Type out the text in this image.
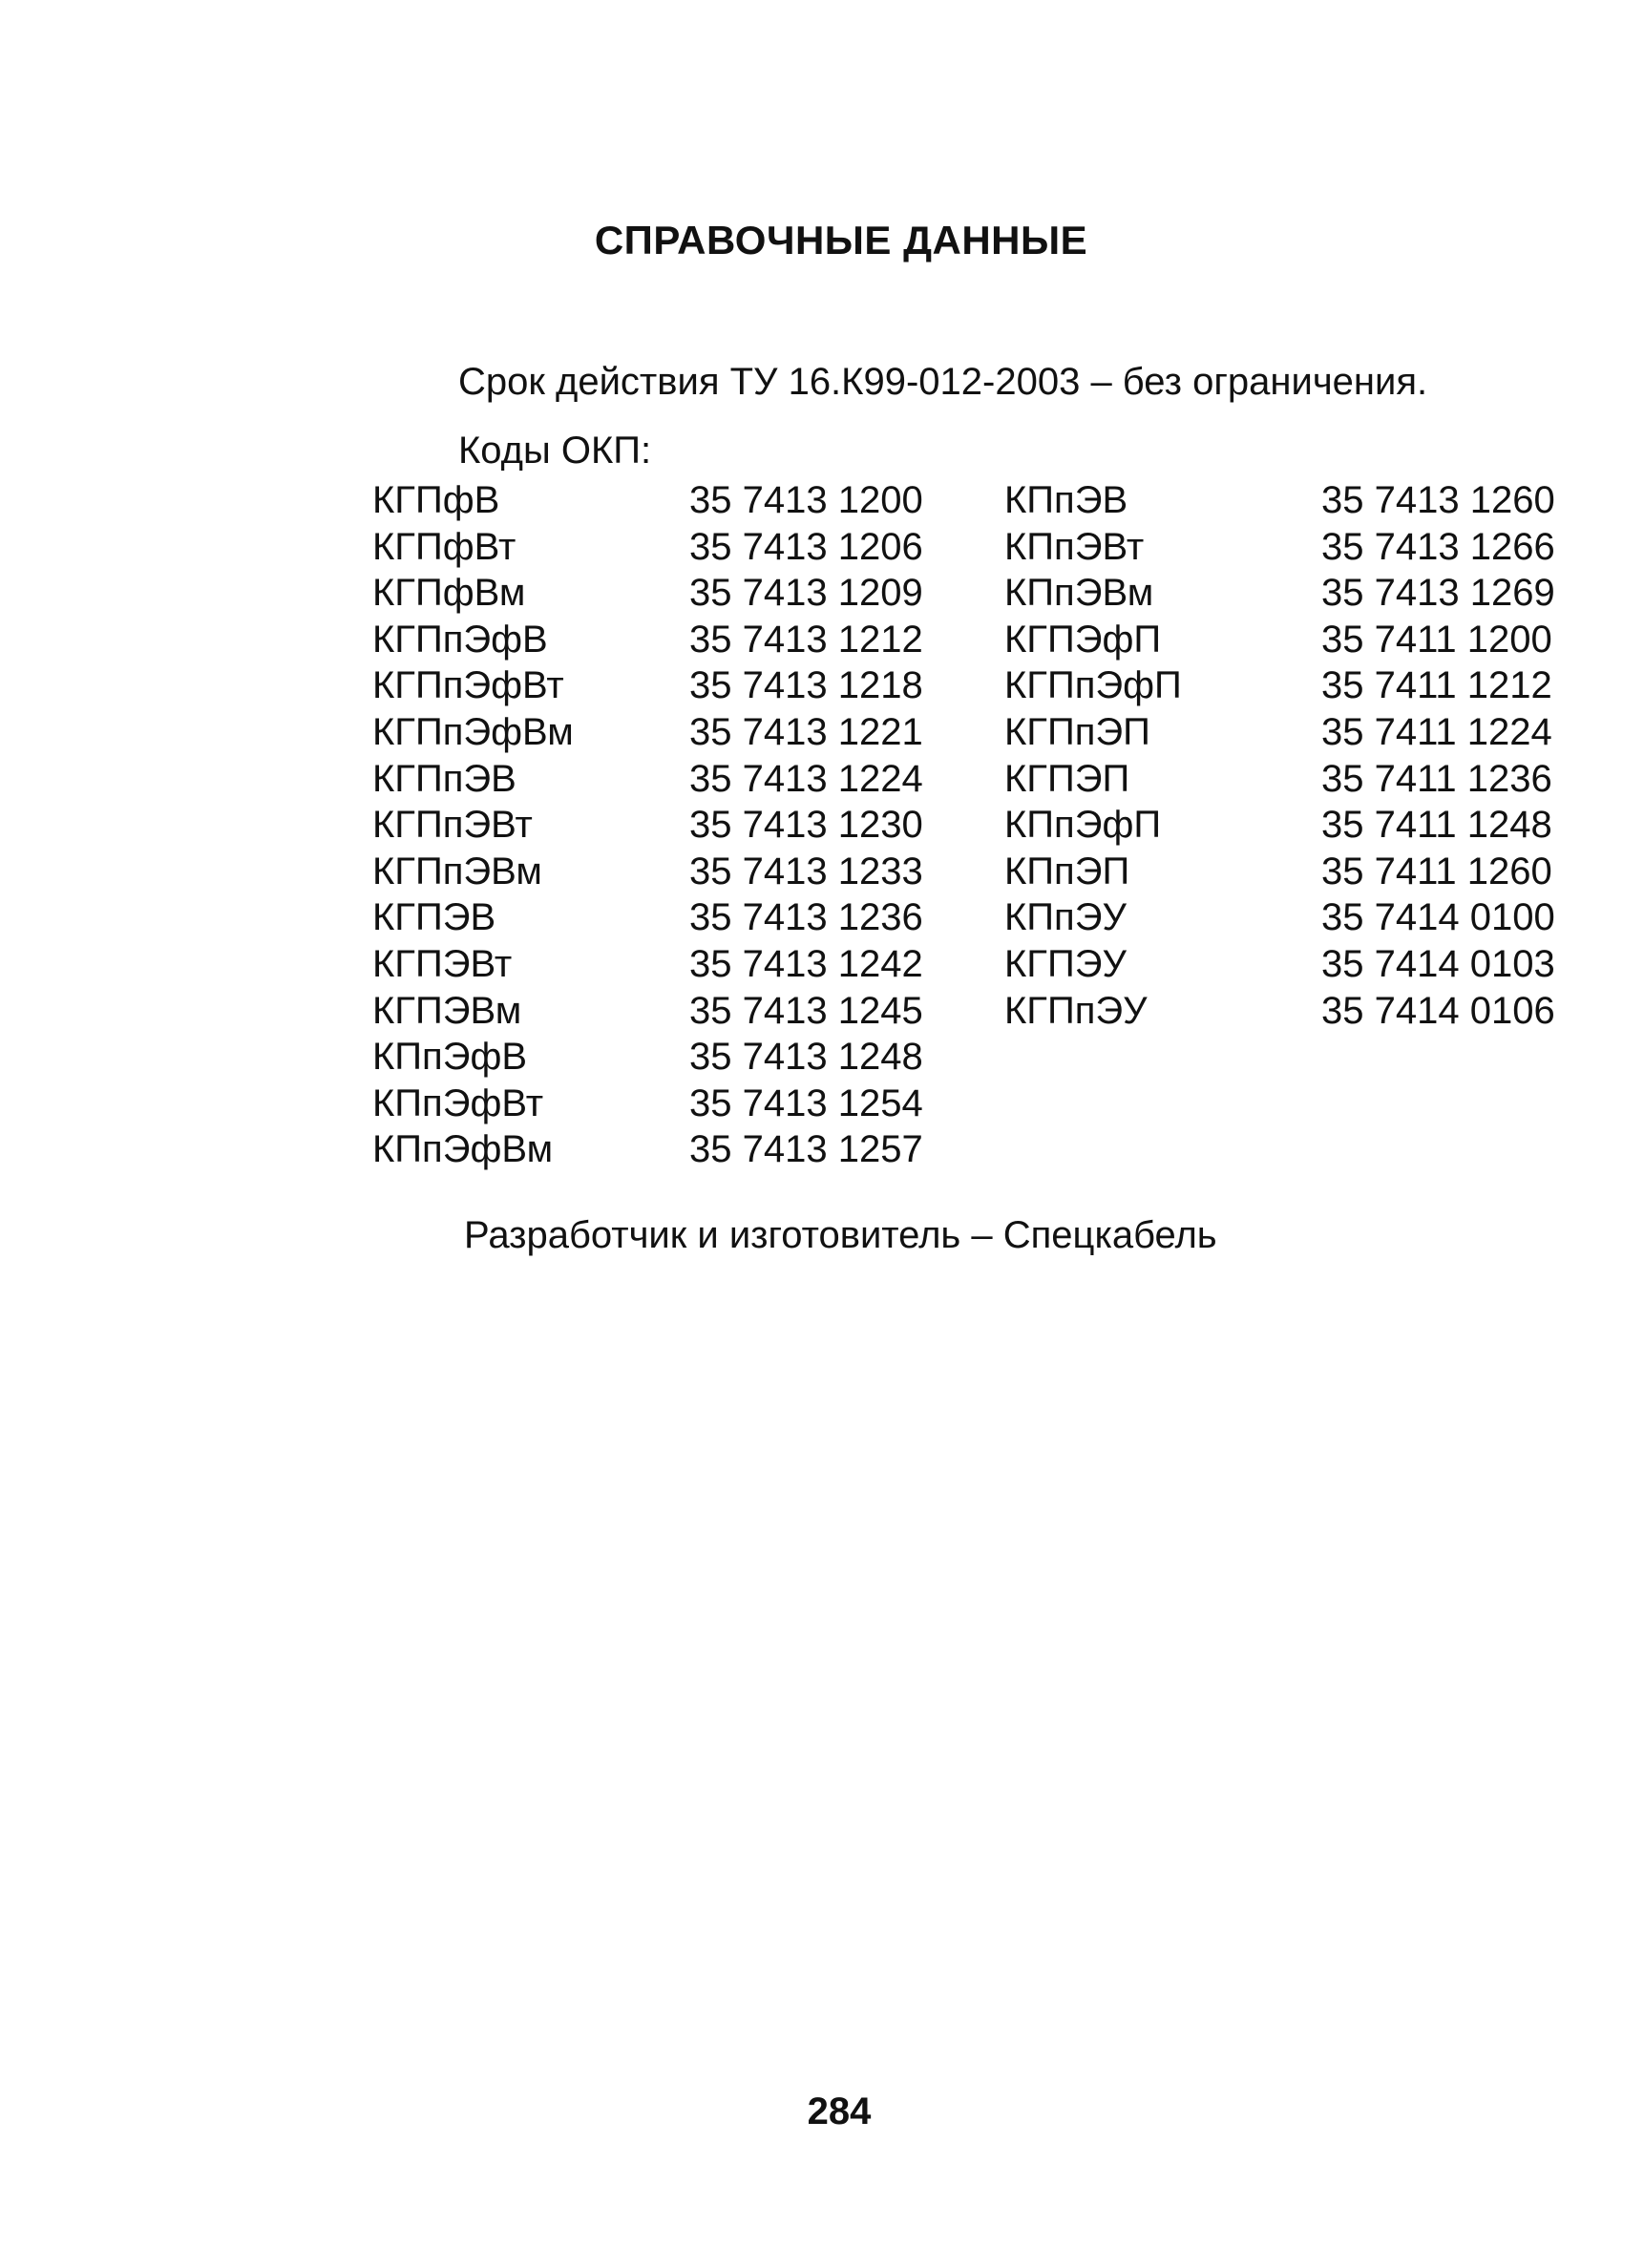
СПРАВОЧНЫЕ ДАННЫЕ
Срок действия ТУ 16.К99-012-2003 – без ограничения.
Коды ОКП:
КГПфВ	35 7413 1200
КГПфВт	35 7413 1206
КГПфВм	35 7413 1209
КГПпЭфВ	35 7413 1212
КГПпЭфВт	35 7413 1218
КГПпЭфВм	35 7413 1221
КГПпЭВ	35 7413 1224
КГПпЭВт	35 7413 1230
КГПпЭВм	35 7413 1233
КГПЭВ	35 7413 1236
КГПЭВт	35 7413 1242
КГПЭВм	35 7413 1245
КПпЭфВ	35 7413 1248
КПпЭфВт	35 7413 1254
КПпЭфВм	35 7413 1257
КПпЭВ	35 7413 1260
КПпЭВт	35 7413 1266
КПпЭВм	35 7413 1269
КГПЭфП	35 7411 1200
КГПпЭфП	35 7411 1212
КГПпЭП	35 7411 1224
КГПЭП	35 7411 1236
КПпЭфП	35 7411 1248
КПпЭП	35 7411 1260
КПпЭУ	35 7414 0100
КГПЭУ	35 7414 0103
КГПпЭУ	35 7414 0106
Разработчик и изготовитель – Спецкабель
284
